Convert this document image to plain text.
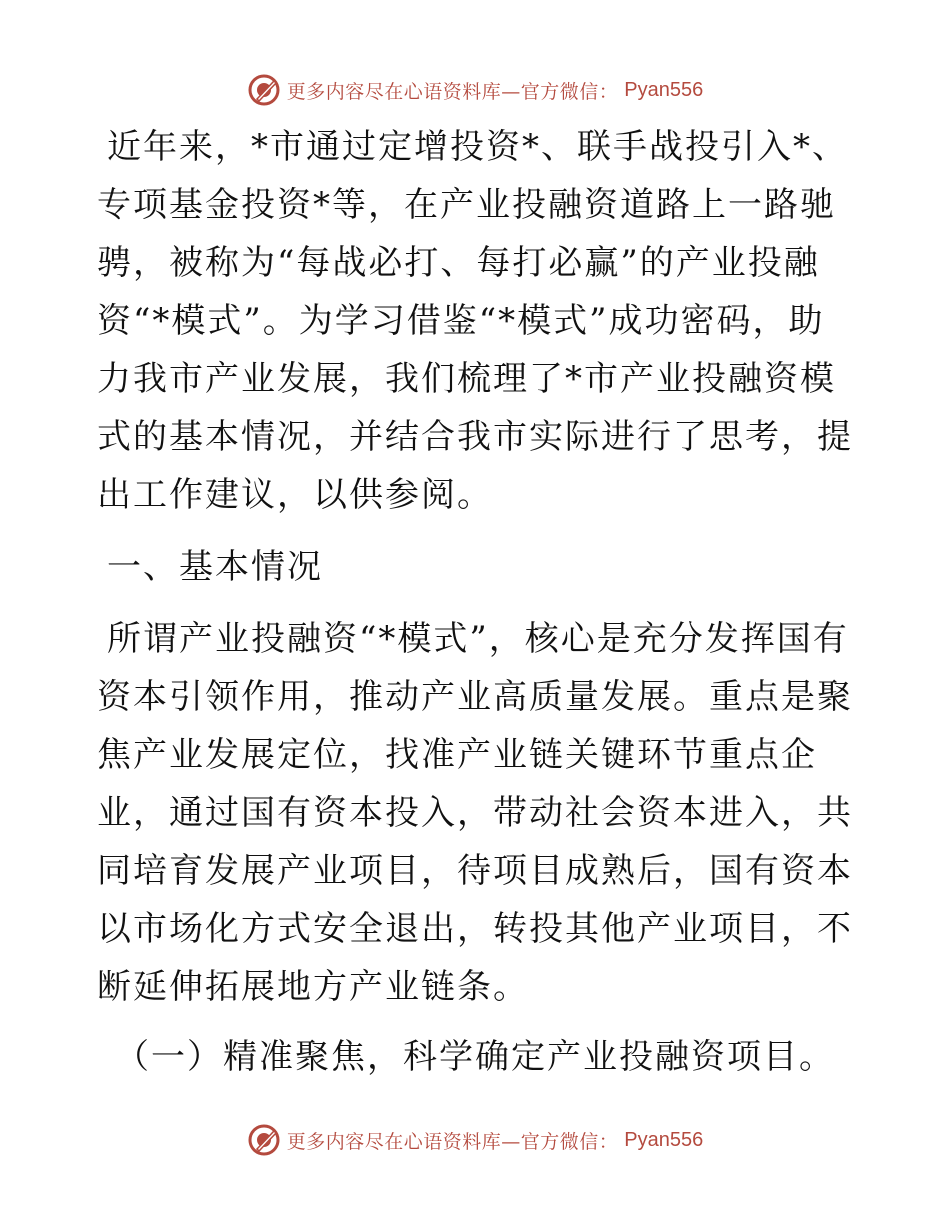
更多内容尽在心语资料库—官方微信： Pyan556

近年来，*市通过定增投资*、联手战投引入*、专项基金投资*等，在产业投融资道路上一路驰骋，被称为“每战必打、每打必赢”的产业投融资“*模式”。为学习借鉴“*模式”成功密码，助力我市产业发展，我们梳理了*市产业投融资模式的基本情况，并结合我市实际进行了思考，提出工作建议，以供参阅。

一、基本情况

所谓产业投融资“*模式”，核心是充分发挥国有资本引领作用，推动产业高质量发展。重点是聚焦产业发展定位，找准产业链关键环节重点企业，通过国有资本投入，带动社会资本进入，共同培育发展产业项目，待项目成熟后，国有资本以市场化方式安全退出，转投其他产业项目，不断延伸拓展地方产业链条。

（一）精准聚焦，科学确定产业投融资项目。

更多内容尽在心语资料库—官方微信： Pyan556
